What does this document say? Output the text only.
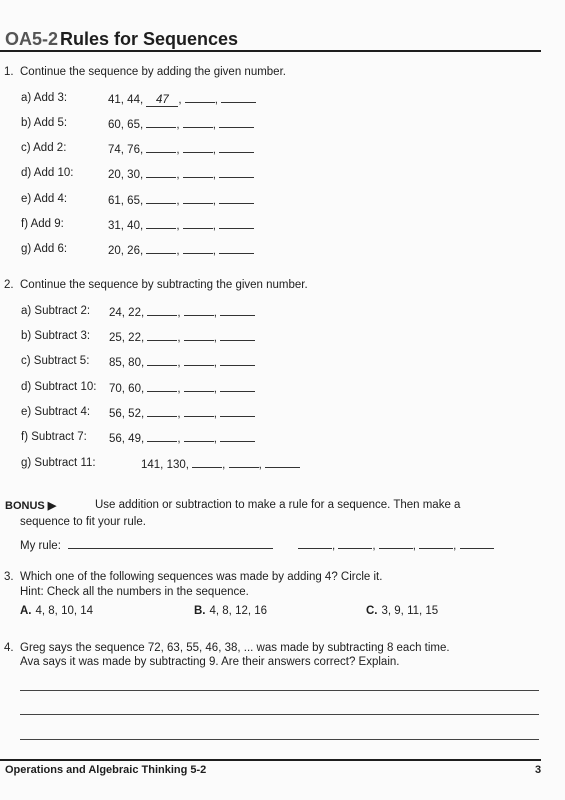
OA5-2 Rules for Sequences
1. Continue the sequence by adding the given number.
a) Add 3:	41, 44, 47 ,	,
b) Add 5:	60, 65,	,	,
c) Add 2:	74, 76,	,	,
d) Add 10:	20, 30,	,	,
e) Add 4:	61, 65,	,	,
f) Add 9:	31, 40,	,	,
g) Add 6:	20, 26,	,	,
2. Continue the sequence by subtracting the given number.
a) Subtract 2: 24, 22,	,	,
b) Subtract 3: 25, 22,	,	,
c) Subtract 5: 85, 80,	,	,
d) Subtract 10: 70, 60,	,	,
e) Subtract 4: 56, 52,	,	,
f) Subtract 7: 56, 49,	,	,
g) Subtract 11:	141, 130,	,	,
BONUS ▶	Use addition or subtraction to make a rule for a sequence. Then make a sequence to fit your rule.
My rule:	,	,	,	,
3. Which one of the following sequences was made by adding 4? Circle it.
Hint: Check all the numbers in the sequence.
A. 4, 8, 10, 14	B. 4, 8, 12, 16	C. 3, 9, 11, 15
4. Greg says the sequence 72, 63, 55, 46, 38, ... was made by subtracting 8 each time.
Ava says it was made by subtracting 9. Are their answers correct? Explain.
Operations and Algebraic Thinking 5-2	3
